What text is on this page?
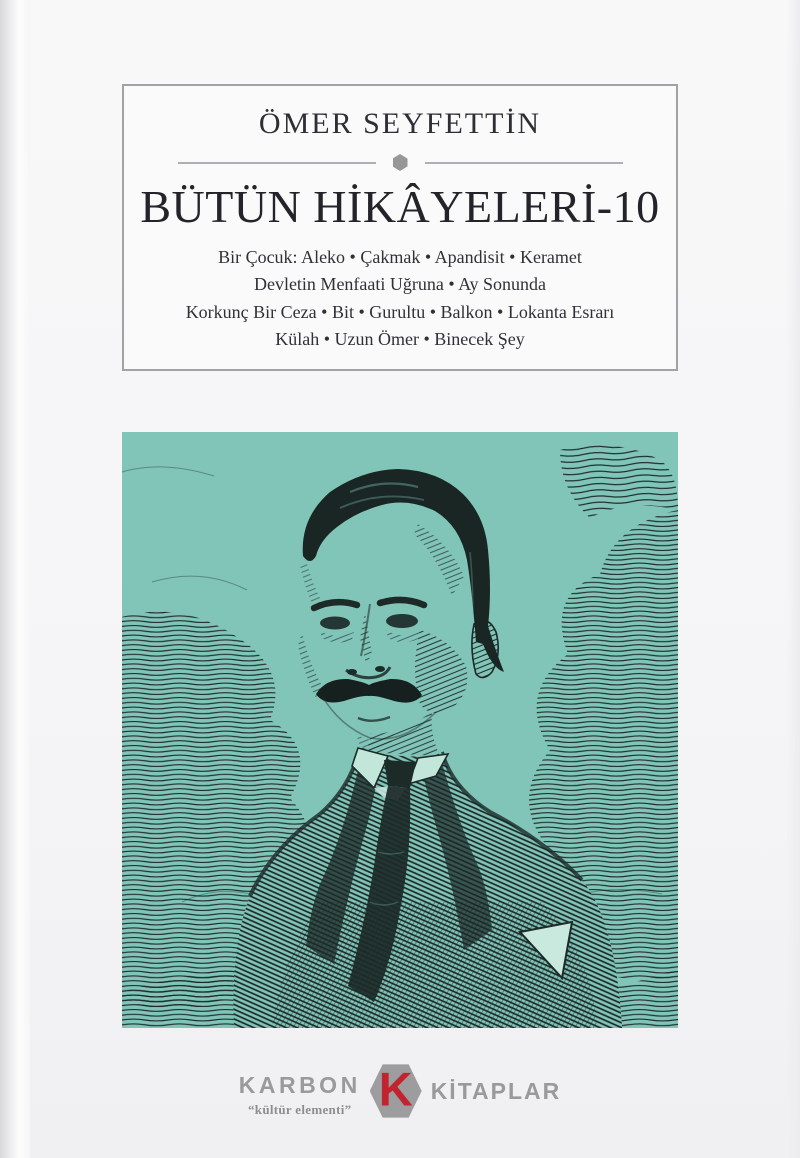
ÖMER SEYFETTİN
BÜTÜN HİKÂYELERİ-10

Bir Çocuk: Aleko • Çakmak • Apandisit • Keramet
Devletin Menfaati Uğruna • Ay Sonunda
Korkunç Bir Ceza • Bit • Gurultu • Balkon • Lokanta Esrarı
Külah • Uzun Ömer • Binecek Şey

KARBON
“kültür elementi” K KİTAPLAR
